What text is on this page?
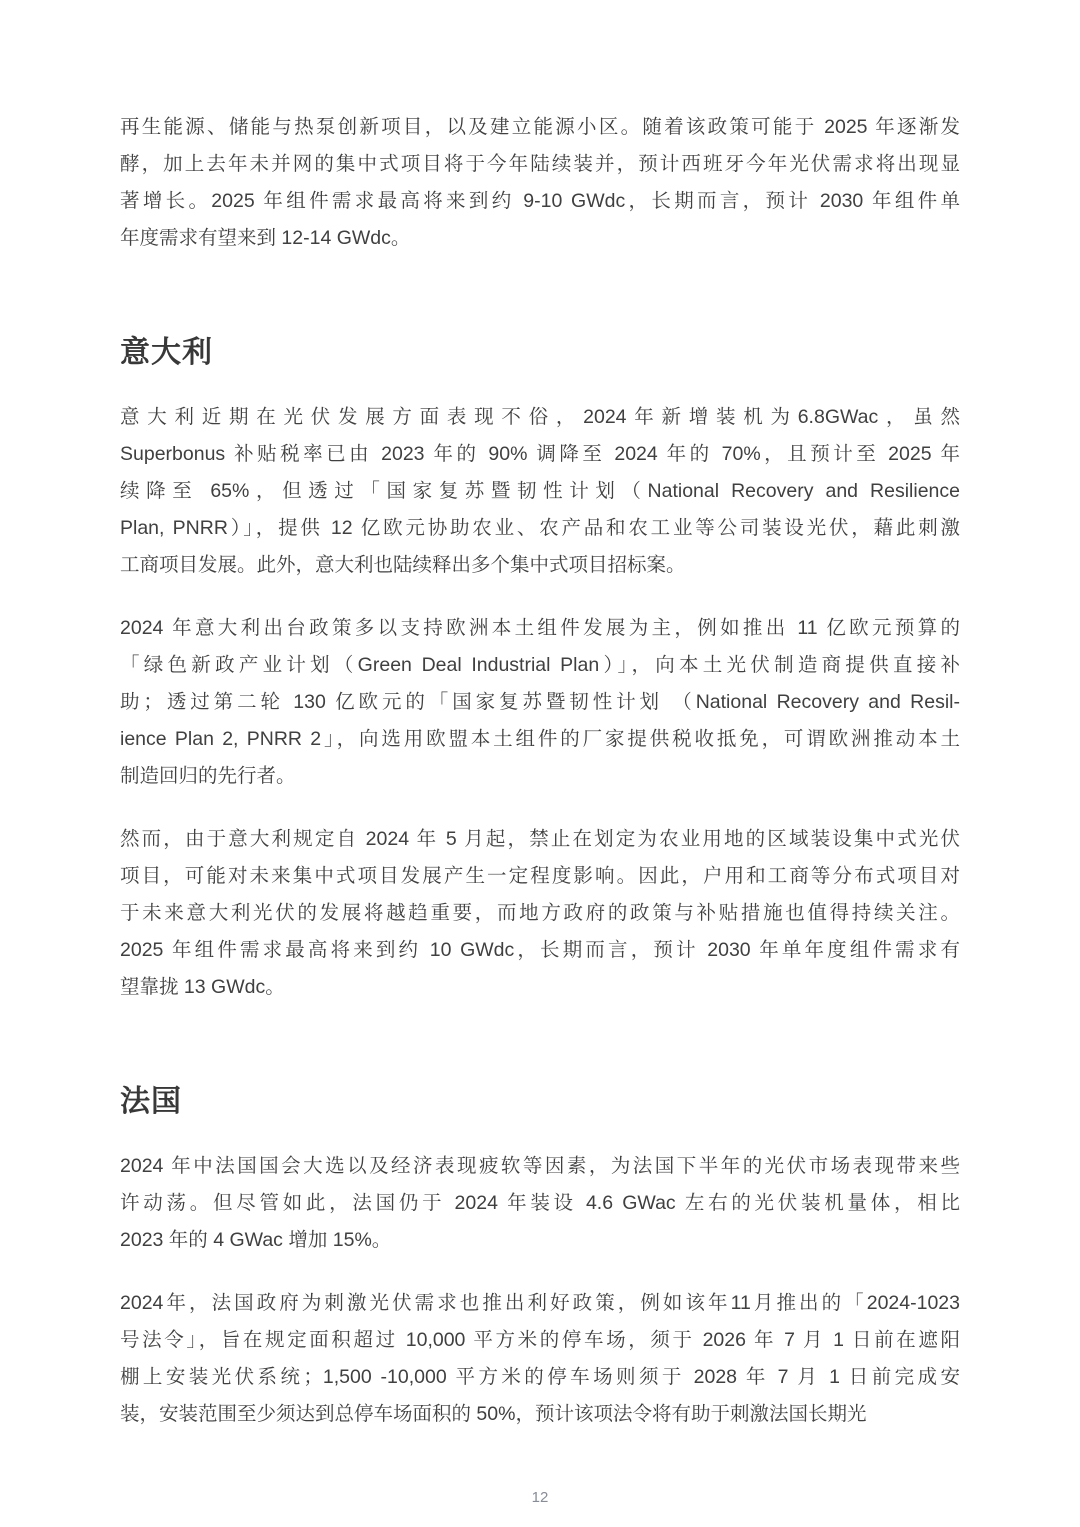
再生能源、储能与热泵创新项目，以及建立能源小区。随着该政策可能于 2025 年逐渐发
酵，加上去年未并网的集中式项目将于今年陆续装并，预计西班牙今年光伏需求将出现显
著增长。2025 年组件需求最高将来到约 9-10 GWdc，长期而言，预计 2030 年组件单
年度需求有望来到 12-14 GWdc。
意大利
意大利近期在光伏发展方面表现不俗，2024年新增装机为6.8GWac，虽然
Superbonus 补贴税率已由 2023 年的 90% 调降至 2024 年的 70%，且预计至 2025 年
续降至 65%，但透过「国家复苏暨韧性计划（National Recovery and Resilience
Plan, PNRR）」，提供 12 亿欧元协助农业、农产品和农工业等公司装设光伏，藉此刺激
工商项目发展。此外，意大利也陆续释出多个集中式项目招标案。
2024 年意大利出台政策多以支持欧洲本土组件发展为主，例如推出 11 亿欧元预算的
「绿色新政产业计划（Green Deal Industrial Plan）」，向本土光伏制造商提供直接补
助；透过第二轮 130 亿欧元的「国家复苏暨韧性计划 （National Recovery and Resil-
ience Plan 2, PNRR 2」，向选用欧盟本土组件的厂家提供税收抵免，可谓欧洲推动本土
制造回归的先行者。
然而，由于意大利规定自 2024 年 5 月起，禁止在划定为农业用地的区域装设集中式光伏
项目，可能对未来集中式项目发展产生一定程度影响。因此，户用和工商等分布式项目对
于未来意大利光伏的发展将越趋重要，而地方政府的政策与补贴措施也值得持续关注。
2025 年组件需求最高将来到约 10 GWdc，长期而言，预计 2030 年单年度组件需求有
望靠拢 13 GWdc。
法国
2024 年中法国国会大选以及经济表现疲软等因素，为法国下半年的光伏市场表现带来些
许动荡。但尽管如此，法国仍于 2024 年装设 4.6 GWac 左右的光伏装机量体，相比
2023 年的 4 GWac 增加 15%。
2024年，法国政府为刺激光伏需求也推出利好政策，例如该年11月推出的「2024-1023
号法令」，旨在规定面积超过 10,000 平方米的停车场，须于 2026 年 7 月 1 日前在遮阳
棚上安装光伏系统；1,500 -10,000 平方米的停车场则须于 2028 年 7 月 1 日前完成安
装，安装范围至少须达到总停车场面积的 50%，预计该项法令将有助于刺激法国长期光
12
